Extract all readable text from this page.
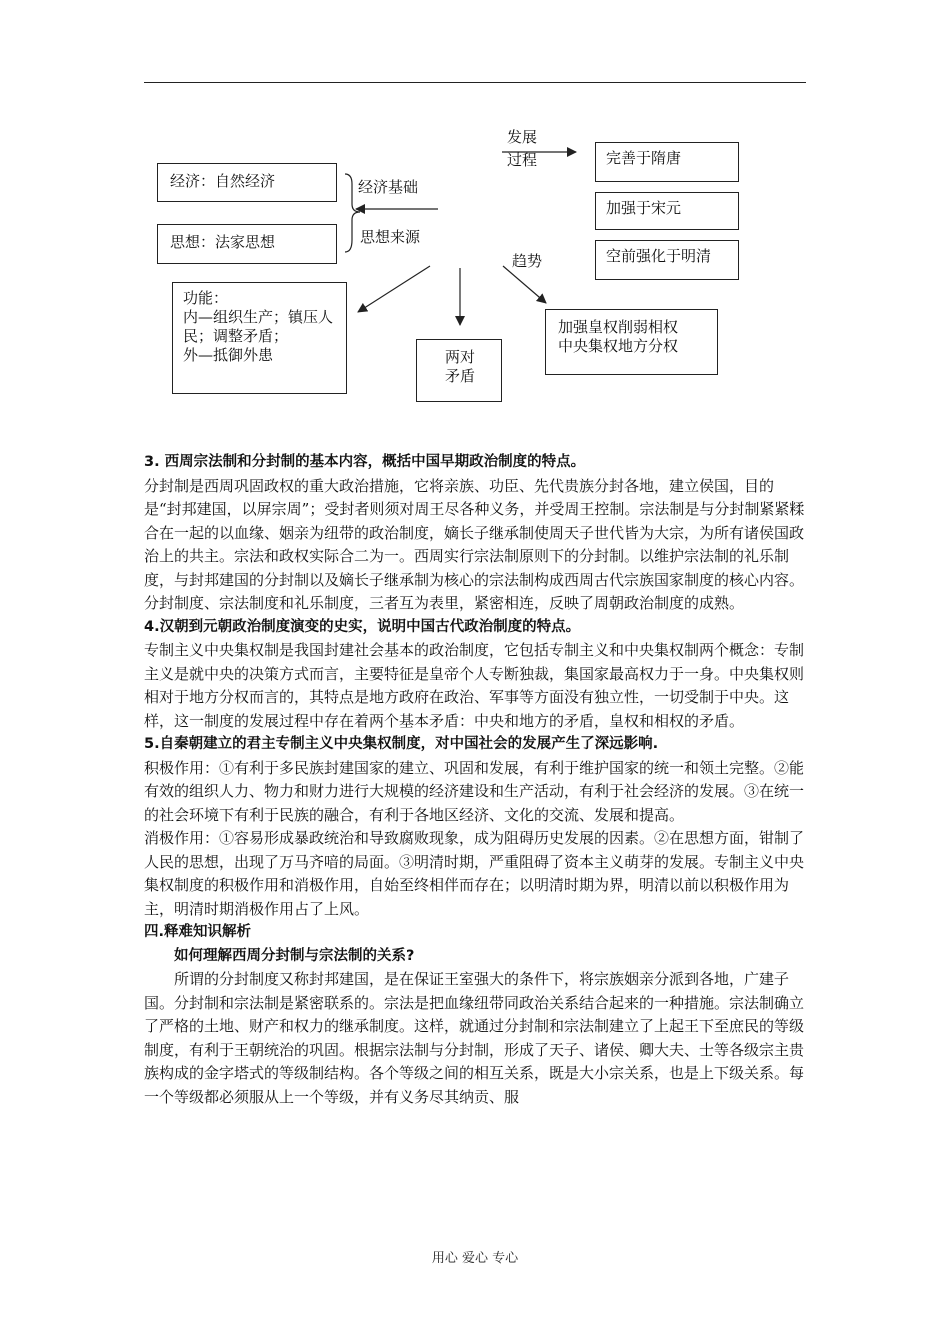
经济：自然经济
思想：法家思想
经济基础
思想来源
发展
过程	完善于隋唐
加强于宋元
空前强化于明清
趋势
功能：
内—组织生产；镇压人
民；调整矛盾；
外—抵御外患	两对
矛盾
加强皇权削弱相权
中央集权地方分权

3. 西周宗法制和分封制的基本内容，概括中国早期政治制度的特点。

分封制是西周巩固政权的重大政治措施，它将亲族、功臣、先代贵族分封各地，建立侯国，目的是“封邦建国，以屏宗周”；受封者则须对周王尽各种义务，并受周王控制。宗法制是与分封制紧紧糅合在一起的以血缘、姻亲为纽带的政治制度，嫡长子继承制使周天子世代皆为大宗，为所有诸侯国政治上的共主。宗法和政权实际合二为一。西周实行宗法制原则下的分封制。以维护宗法制的礼乐制度，与封邦建国的分封制以及嫡长子继承制为核心的宗法制构成西周古代宗族国家制度的核心内容。分封制度、宗法制度和礼乐制度，三者互为表里，紧密相连，反映了周朝政治制度的成熟。

4.汉朝到元朝政治制度演变的史实，说明中国古代政治制度的特点。

专制主义中央集权制是我国封建社会基本的政治制度，它包括专制主义和中央集权制两个概念：专制主义是就中央的决策方式而言，主要特征是皇帝个人专断独裁，集国家最高权力于一身。中央集权则相对于地方分权而言的，其特点是地方政府在政治、军事等方面没有独立性，一切受制于中央。这样，这一制度的发展过程中存在着两个基本矛盾：中央和地方的矛盾，皇权和相权的矛盾。

5.自秦朝建立的君主专制主义中央集权制度，对中国社会的发展产生了深远影响.

积极作用：①有利于多民族封建国家的建立、巩固和发展，有利于维护国家的统一和领土完整。②能有效的组织人力、物力和财力进行大规模的经济建设和生产活动，有利于社会经济的发展。③在统一的社会环境下有利于民族的融合，有利于各地区经济、文化的交流、发展和提高。

消极作用：①容易形成暴政统治和导致腐败现象，成为阻碍历史发展的因素。②在思想方面，钳制了人民的思想，出现了万马齐喑的局面。③明清时期，严重阻碍了资本主义萌芽的发展。专制主义中央集权制度的积极作用和消极作用，自始至终相伴而存在；以明清时期为界，明清以前以积极作用为主，明清时期消极作用占了上风。

四.释难知识解析

如何理解西周分封制与宗法制的关系?

所谓的分封制度又称封邦建国，是在保证王室强大的条件下，将宗族姻亲分派到各地，广建子国。分封制和宗法制是紧密联系的。宗法是把血缘纽带同政治关系结合起来的一种措施。宗法制确立了严格的土地、财产和权力的继承制度。这样，就通过分封制和宗法制建立了上起王下至庶民的等级制度，有利于王朝统治的巩固。根据宗法制与分封制，形成了天子、诸侯、卿大夫、士等各级宗主贵族构成的金字塔式的等级制结构。各个等级之间的相互关系，既是大小宗关系，也是上下级关系。每一个等级都必须服从上一个等级，并有义务尽其纳贡、服

用心 爱心 专心
